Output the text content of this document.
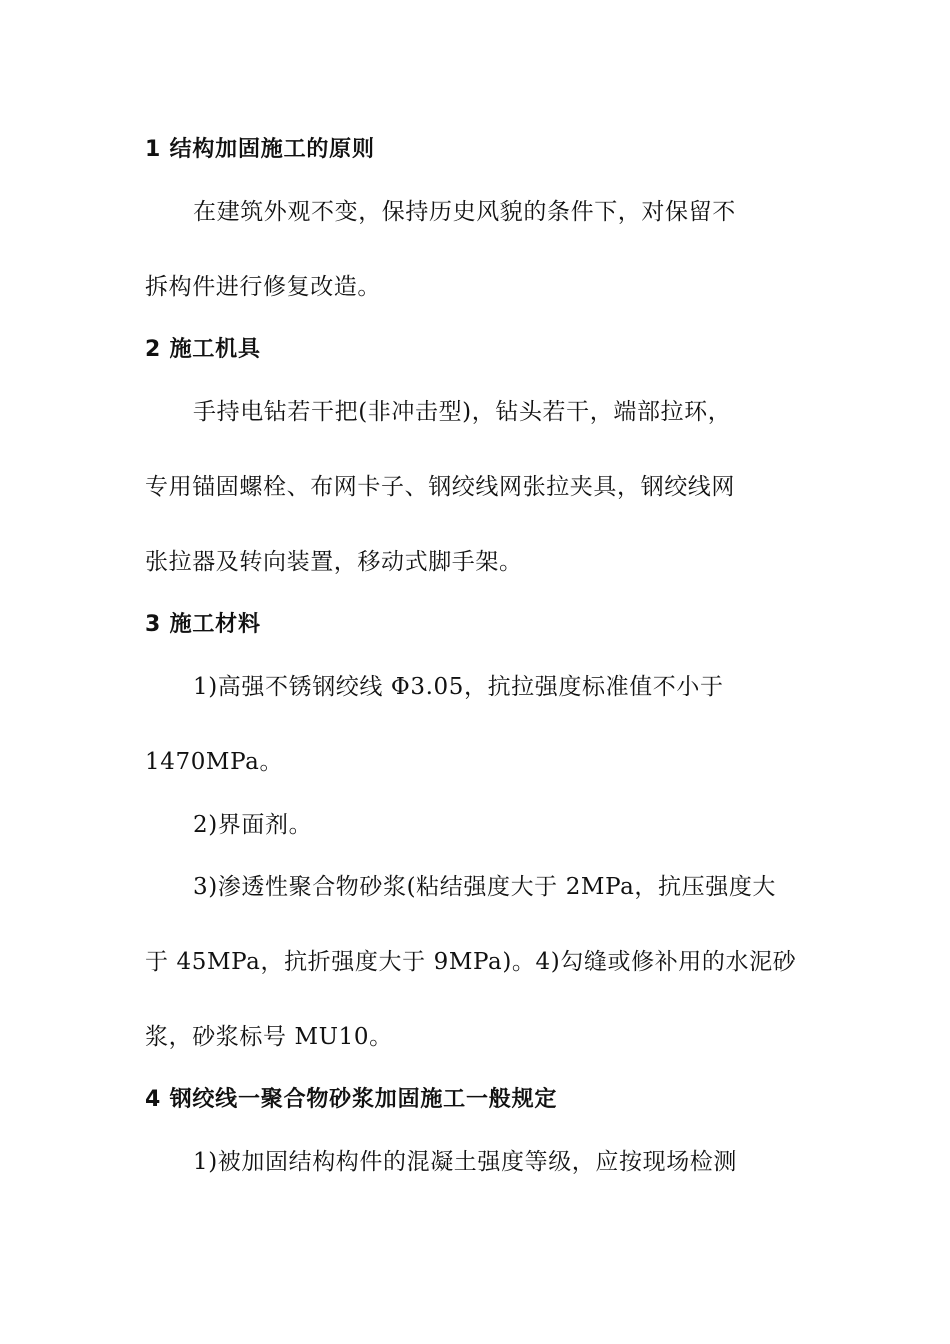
1 结构加固施工的原则
在建筑外观不变，保持历史风貌的条件下，对保留不
拆构件进行修复改造。
2 施工机具
手持电钻若干把(非冲击型)，钻头若干，端部拉环，
专用锚固螺栓、布网卡子、钢绞线网张拉夹具，钢绞线网
张拉器及转向装置，移动式脚手架。
3 施工材料
1)高强不锈钢绞线 Φ3.05，抗拉强度标准值不小于
1470MPa。
2)界面剂。
3)渗透性聚合物砂浆(粘结强度大于 2MPa，抗压强度大
于 45MPa，抗折强度大于 9MPa)。4)勾缝或修补用的水泥砂
浆，砂浆标号 MU10。
4 钢绞线一聚合物砂浆加固施工一般规定
1)被加固结构构件的混凝土强度等级，应按现场检测
